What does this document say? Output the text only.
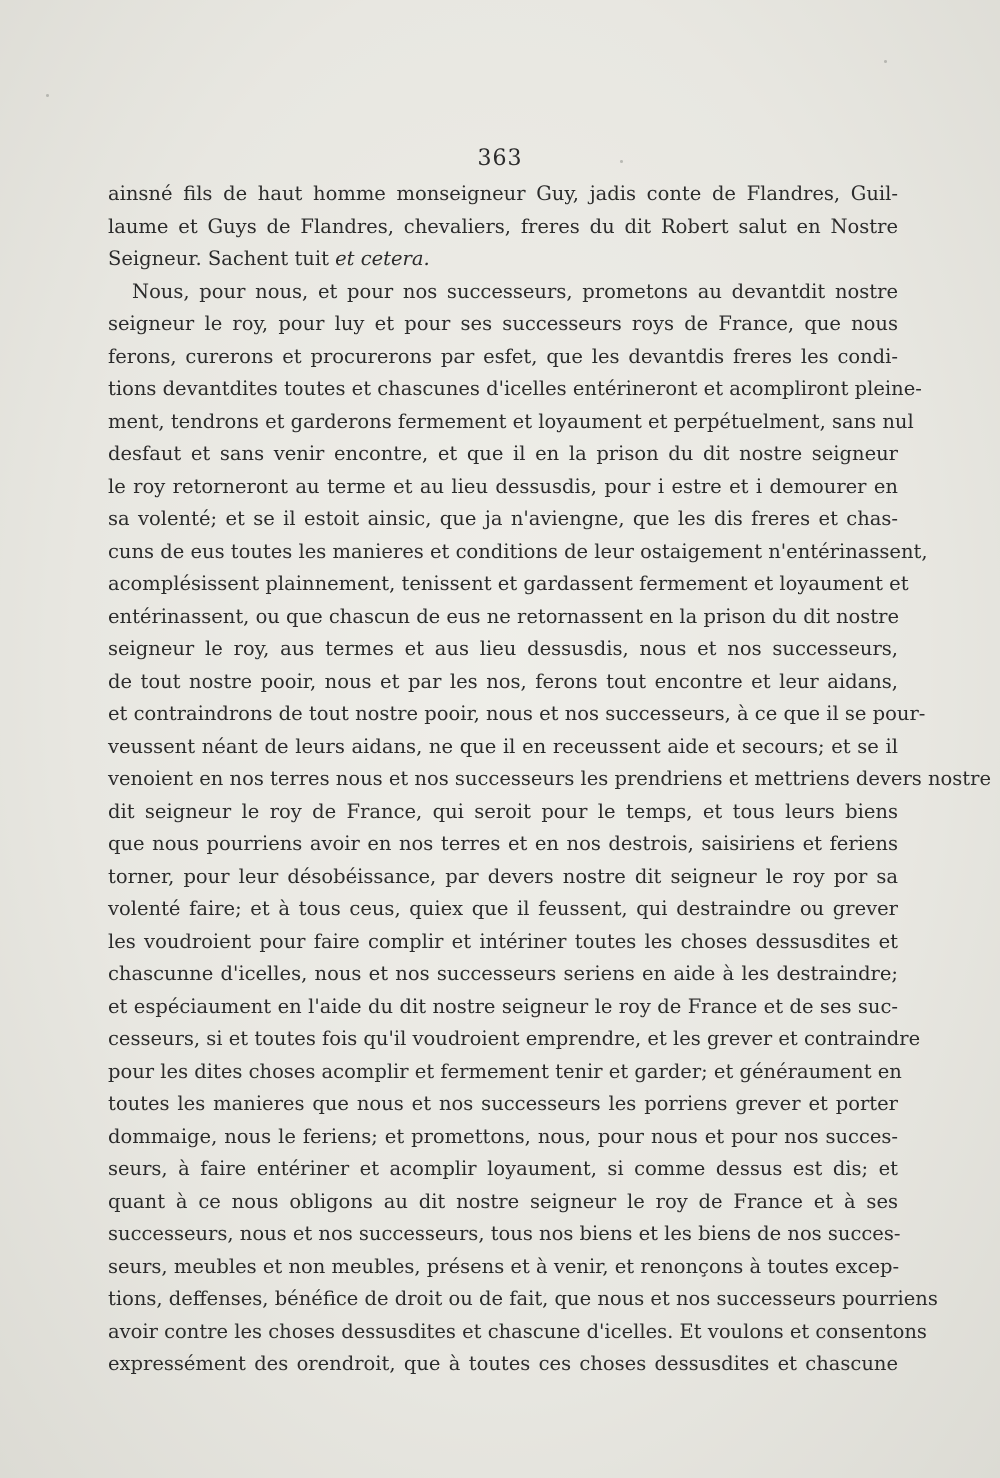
363
ainsné fils de haut homme monseigneur Guy, jadis conte de Flandres, Guil-
laume et Guys de Flandres, chevaliers, freres du dit Robert salut en Nostre
Seigneur. Sachent tuit et cetera.
Nous, pour nous, et pour nos successeurs, prometons au devantdit nostre
seigneur le roy, pour luy et pour ses successeurs roys de France, que nous
ferons, curerons et procurerons par esfet, que les devantdis freres les condi-
tions devantdites toutes et chascunes d'icelles entérineront et acompliront pleine-
ment, tendrons et garderons fermement et loyaument et perpétuelment, sans nul
desfaut et sans venir encontre, et que il en la prison du dit nostre seigneur
le roy retorneront au terme et au lieu dessusdis, pour i estre et i demourer en
sa volenté; et se il estoit ainsic, que ja n'aviengne, que les dis freres et chas-
cuns de eus toutes les manieres et conditions de leur ostaigement n'entérinassent,
acomplésissent plainnement, tenissent et gardassent fermement et loyaument et
entérinassent, ou que chascun de eus ne retornassent en la prison du dit nostre
seigneur le roy, aus termes et aus lieu dessusdis, nous et nos successeurs,
de tout nostre pooir, nous et par les nos, ferons tout encontre et leur aidans,
et contraindrons de tout nostre pooir, nous et nos successeurs, à ce que il se pour-
veussent néant de leurs aidans, ne que il en receussent aide et secours; et se il
venoient en nos terres nous et nos successeurs les prendriens et mettriens devers nostre
dit seigneur le roy de France, qui seroit pour le temps, et tous leurs biens
que nous pourriens avoir en nos terres et en nos destrois, saisiriens et feriens
torner, pour leur désobéissance, par devers nostre dit seigneur le roy por sa
volenté faire; et à tous ceus, quiex que il feussent, qui destraindre ou grever
les voudroient pour faire complir et intériner toutes les choses dessusdites et
chascunne d'icelles, nous et nos successeurs seriens en aide à les destraindre;
et espéciaument en l'aide du dit nostre seigneur le roy de France et de ses suc-
cesseurs, si et toutes fois qu'il voudroient emprendre, et les grever et contraindre
pour les dites choses acomplir et fermement tenir et garder; et généraument en
toutes les manieres que nous et nos successeurs les porriens grever et porter
dommaige, nous le feriens; et promettons, nous, pour nous et pour nos succes-
seurs, à faire entériner et acomplir loyaument, si comme dessus est dis; et
quant à ce nous obligons au dit nostre seigneur le roy de France et à ses
successeurs, nous et nos successeurs, tous nos biens et les biens de nos succes-
seurs, meubles et non meubles, présens et à venir, et renonçons à toutes excep-
tions, deffenses, bénéfice de droit ou de fait, que nous et nos successeurs pourriens
avoir contre les choses dessusdites et chascune d'icelles. Et voulons et consentons
expressément des orendroit, que à toutes ces choses dessusdites et chascune
